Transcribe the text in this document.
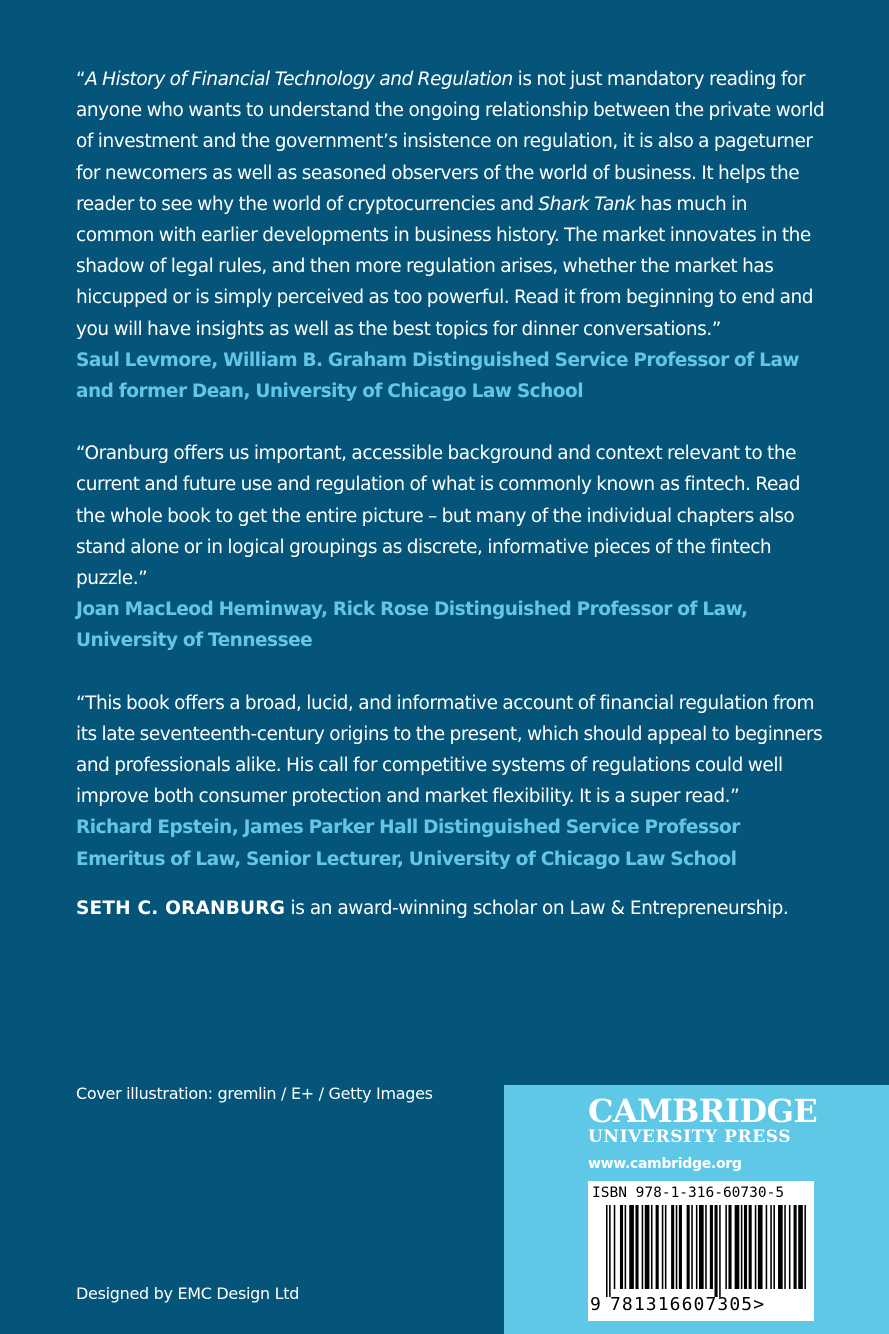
“A History of Financial Technology and Regulation is not just mandatory reading for anyone who wants to understand the ongoing relationship between the private world of investment and the government’s insistence on regulation, it is also a pageturner for newcomers as well as seasoned observers of the world of business. It helps the reader to see why the world of cryptocurrencies and Shark Tank has much in common with earlier developments in business history. The market innovates in the shadow of legal rules, and then more regulation arises, whether the market has hiccupped or is simply perceived as too powerful. Read it from beginning to end and you will have insights as well as the best topics for dinner conversations.”

Saul Levmore, William B. Graham Distinguished Service Professor of Law and former Dean, University of Chicago Law School

“Oranburg offers us important, accessible background and context relevant to the current and future use and regulation of what is commonly known as fintech. Read the whole book to get the entire picture – but many of the individual chapters also stand alone or in logical groupings as discrete, informative pieces of the fintech puzzle.”

Joan MacLeod Heminway, Rick Rose Distinguished Professor of Law, University of Tennessee

“This book offers a broad, lucid, and informative account of financial regulation from its late seventeenth-century origins to the present, which should appeal to beginners and professionals alike. His call for competitive systems of regulations could well improve both consumer protection and market flexibility. It is a super read.”

Richard Epstein, James Parker Hall Distinguished Service Professor Emeritus of Law, Senior Lecturer, University of Chicago Law School

SETH C. ORANBURG is an award-winning scholar on Law & Entrepreneurship.

Cover illustration: gremlin / E+ / Getty Images
Designed by EMC Design Ltd
CAMBRIDGE
UNIVERSITY PRESS
www.cambridge.org
ISBN 978-1-316-60730-5
9 781316607305>
